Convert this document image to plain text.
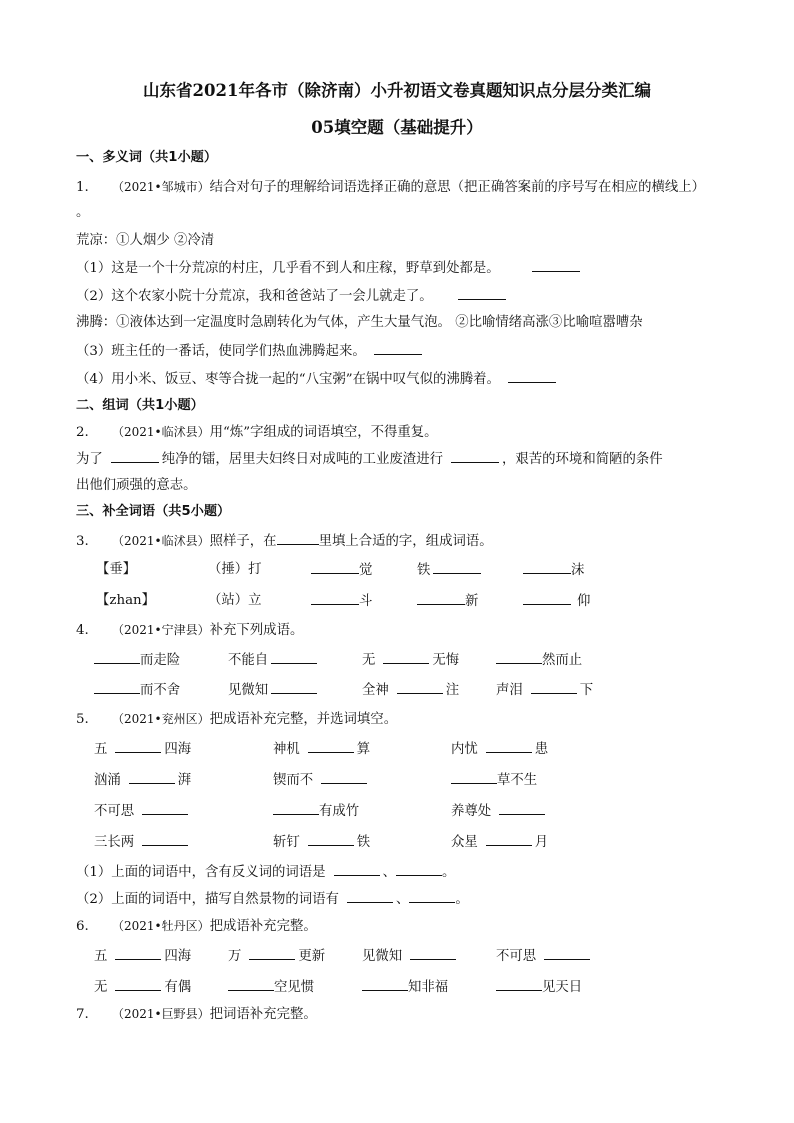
山东省2021年各市（除济南）小升初语文卷真题知识点分层分类汇编
05填空题（基础提升）
一、多义词（共1小题）
1. （2021•邹城市）结合对句子的理解给词语选择正确的意思（把正确答案前的序号写在相应的横线上）
。
荒凉：①人烟少 ②冷清
（1）这是一个十分荒凉的村庄，几乎看不到人和庄稼，野草到处都是。
（2）这个农家小院十分荒凉，我和爸爸站了一会儿就走了。
沸腾：①液体达到一定温度时急剧转化为气体，产生大量气泡。 ②比喻情绪高涨③比喻喧嚣嘈杂
（3）班主任的一番话，使同学们热血沸腾起来。
（4）用小米、饭豆、枣等合拢一起的“八宝粥”在锅中叹气似的沸腾着。
二、组词（共1小题）
2. （2021•临沭县）用“炼”字组成的词语填空，不得重复。
为了	纯净的镭，居里夫妇终日对成吨的工业废渣进行	，艰苦的环境和简陋的条件
出他们顽强的意志。
三、补全词语（共5小题）
3. （2021•临沭县）照样子，在	里填上合适的字，组成词语。
【垂】	（捶）打	觉	铁	沫
【zhan】	（站）立	斗	新	仰
4. （2021•宁津县）补充下列成语。
而走险	不能自	无	无悔	然而止
而不舍	见微知	全神	注	声泪	下
5. （2021•兖州区）把成语补充完整，并选词填空。
五	四海	神机	算	内忧	患
汹涌	湃	锲而不	草不生
不可思	有成竹	养尊处
三长两	斩钉	铁	众星	月
（1）上面的词语中，含有反义词的词语是	、	。
（2）上面的词语中，描写自然景物的词语有	、	。
6. （2021•牡丹区）把成语补充完整。
五	四海	万	更新	见微知	不可思
无	有偶	空见惯	知非福	见天日
7. （2021•巨野县）把词语补充完整。
